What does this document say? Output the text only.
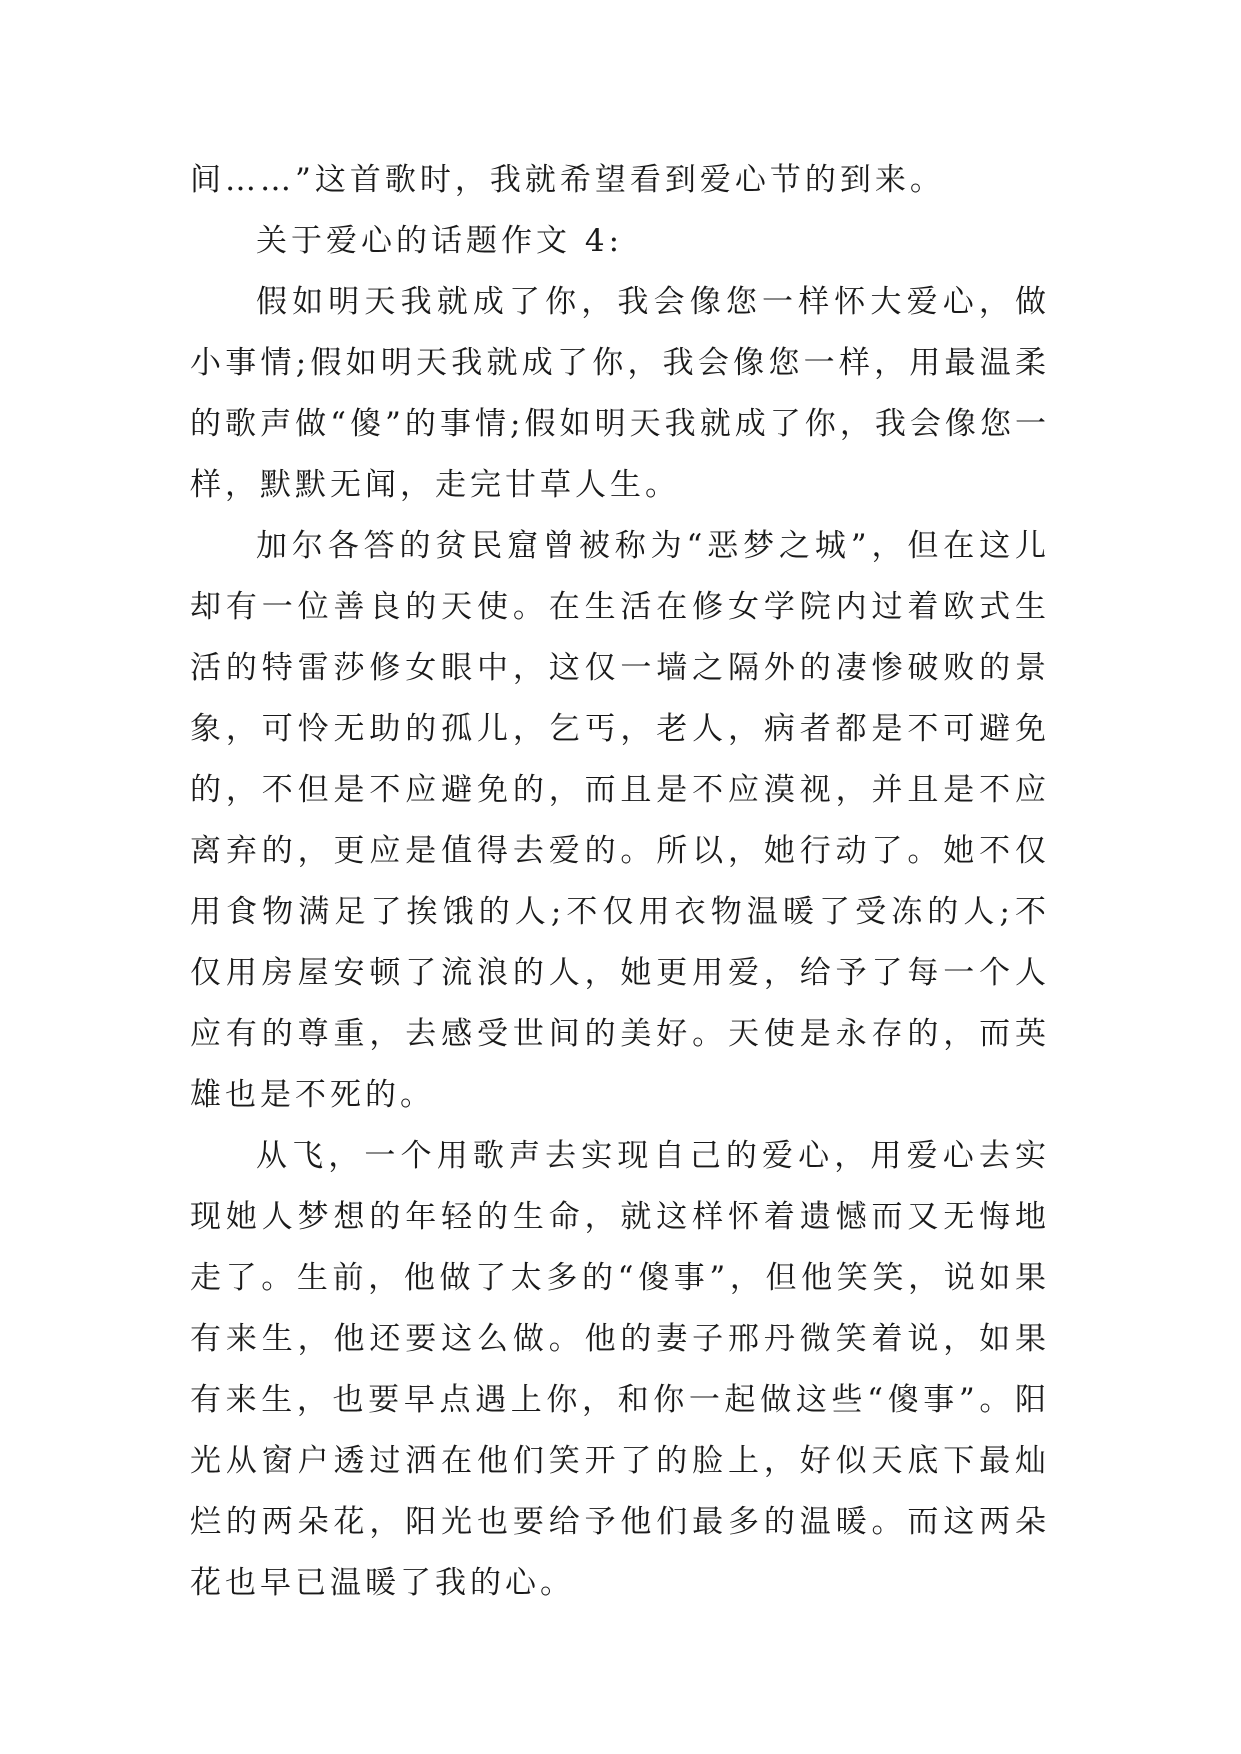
间……”这首歌时，我就希望看到爱心节的到来。

关于爱心的话题作文 4:

假如明天我就成了你，我会像您一样怀大爱心，做小事情;假如明天我就成了你，我会像您一样，用最温柔的歌声做“傻”的事情;假如明天我就成了你，我会像您一样，默默无闻，走完甘草人生。

加尔各答的贫民窟曾被称为“恶梦之城”，但在这儿却有一位善良的天使。在生活在修女学院内过着欧式生活的特雷莎修女眼中，这仅一墙之隔外的凄惨破败的景象，可怜无助的孤儿，乞丐，老人，病者都是不可避免的，不但是不应避免的，而且是不应漠视，并且是不应离弃的，更应是值得去爱的。所以，她行动了。她不仅用食物满足了挨饿的人;不仅用衣物温暖了受冻的人;不仅用房屋安顿了流浪的人，她更用爱，给予了每一个人应有的尊重，去感受世间的美好。天使是永存的，而英雄也是不死的。

从飞，一个用歌声去实现自己的爱心，用爱心去实现她人梦想的年轻的生命，就这样怀着遗憾而又无悔地走了。生前，他做了太多的“傻事”，但他笑笑，说如果有来生，他还要这么做。他的妻子邢丹微笑着说，如果有来生，也要早点遇上你，和你一起做这些“傻事”。阳光从窗户透过洒在他们笑开了的脸上，好似天底下最灿烂的两朵花，阳光也要给予他们最多的温暖。而这两朵花也早已温暖了我的心。
